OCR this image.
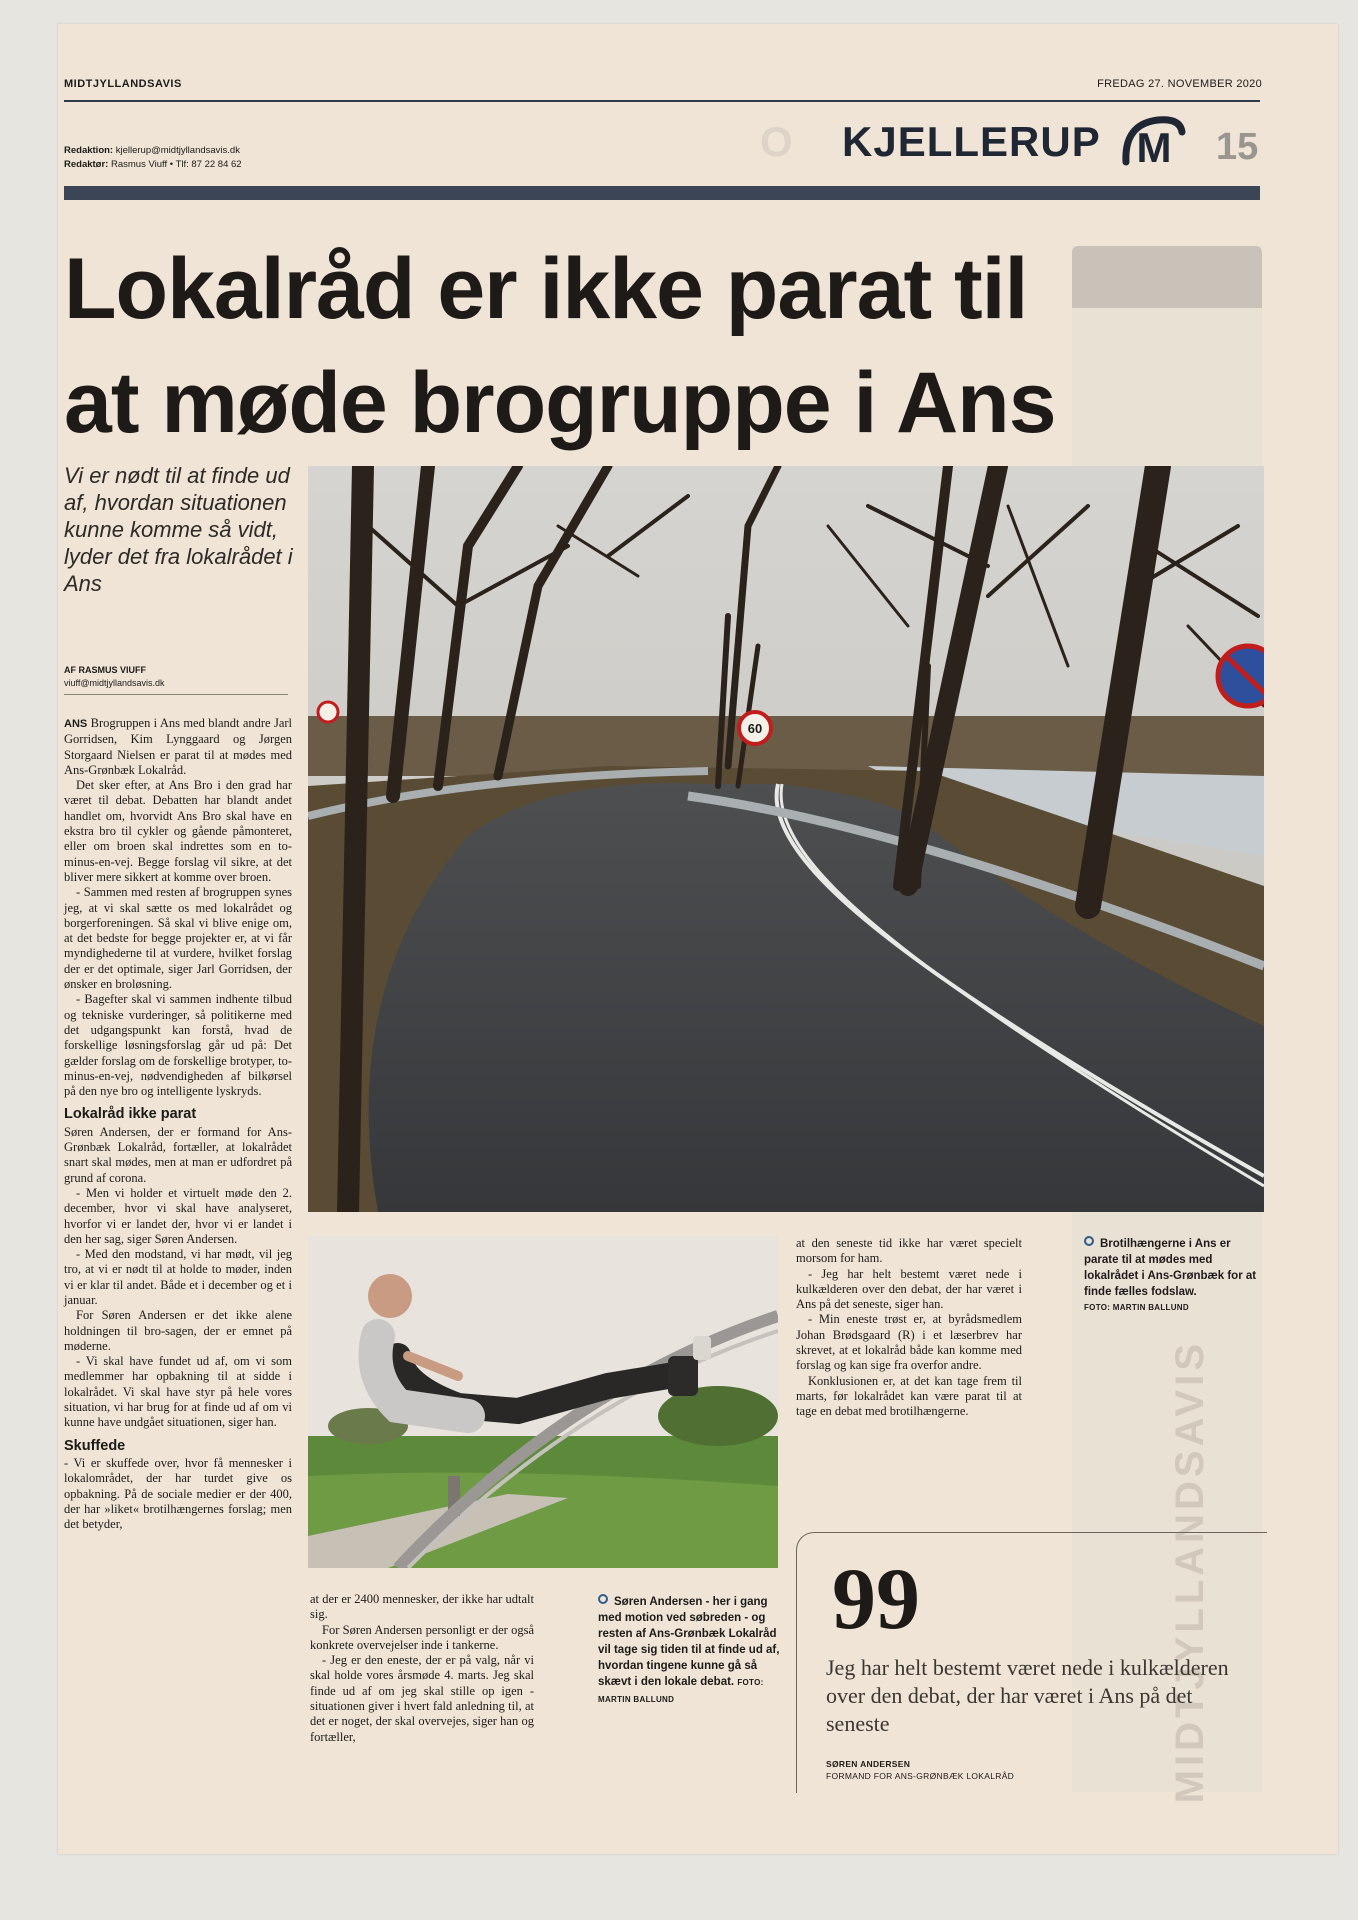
MIDTJYLLANDSAVIS
MIDTJYLLANDSAVIS	FREDAG 27. NOVEMBER 2020
Redaktion: kjellerup@midtjyllandsavis.dk
Redaktør: Rasmus Viuff • Tlf: 87 22 84 62	O KJELLERUP M 15
Lokalråd er ikke parat til at møde brogruppe i Ans
Vi er nødt til at finde ud af, hvordan situationen kunne komme så vidt, lyder det fra lokalrådet i Ans
AF RASMUS VIUFF
viuff@midtjyllandsavis.dk
60

ANS Brogruppen i Ans med blandt andre Jarl Gorridsen, Kim Lynggaard og Jørgen Storgaard Nielsen er parat til at mødes med Ans-Grønbæk Lokalråd.

Det sker efter, at Ans Bro i den grad har været til debat. Debatten har blandt andet handlet om, hvorvidt Ans Bro skal have en ekstra bro til cykler og gående påmonteret, eller om broen skal indrettes som en to-minus-en-vej. Begge forslag vil sikre, at det bliver mere sikkert at komme over broen.

- Sammen med resten af brogruppen synes jeg, at vi skal sætte os med lokalrådet og borgerforeningen. Så skal vi blive enige om, at det bedste for begge projekter er, at vi får myndighederne til at vurdere, hvilket forslag der er det optimale, siger Jarl Gorridsen, der ønsker en broløsning.

- Bagefter skal vi sammen indhente tilbud og tekniske vurderinger, så politikerne med det udgangspunkt kan forstå, hvad de forskellige løsningsforslag går ud på: Det gælder forslag om de forskellige brotyper, to-minus-en-vej, nødvendigheden af bilkørsel på den nye bro og intelligente lyskryds.

Lokalråd ikke parat

Søren Andersen, der er formand for Ans-Grønbæk Lokalråd, fortæller, at lokalrådet snart skal mødes, men at man er udfordret på grund af corona.

- Men vi holder et virtuelt møde den 2. december, hvor vi skal have analyseret, hvorfor vi er landet der, hvor vi er landet i den her sag, siger Søren Andersen.

- Med den modstand, vi har mødt, vil jeg tro, at vi er nødt til at holde to møder, inden vi er klar til andet. Både et i december og et i januar.

For Søren Andersen er det ikke alene holdningen til bro-sagen, der er emnet på møderne.

- Vi skal have fundet ud af, om vi som medlemmer har opbakning til at sidde i lokalrådet. Vi skal have styr på hele vores situation, vi har brug for at finde ud af om vi kunne have undgået situationen, siger han.

Skuffede

- Vi er skuffede over, hvor få mennesker i lokalområdet, der har turdet give os opbakning. På de sociale medier er der 400, der har »liket« brotilhængernes forslag; men det betyder,

at der er 2400 mennesker, der ikke har udtalt sig.

For Søren Andersen personligt er der også konkrete overvejelser inde i tankerne.

- Jeg er den eneste, der er på valg, når vi skal holde vores årsmøde 4. marts. Jeg skal finde ud af om jeg skal stille op igen - situationen giver i hvert fald anledning til, at det er noget, der skal overvejes, siger han og fortæller,

Søren Andersen - her i gang med motion ved søbreden - og resten af Ans-Grønbæk Lokalråd vil tage sig tiden til at finde ud af, hvordan tingene kunne gå så skævt i den lokale debat. FOTO: MARTIN BALLUND

at den seneste tid ikke har været specielt morsom for ham.

- Jeg har helt bestemt været nede i kulkælderen over den debat, der har været i Ans på det seneste, siger han.

- Min eneste trøst er, at byrådsmedlem Johan Brødsgaard (R) i et læserbrev har skrevet, at et lokalråd både kan komme med forslag og kan sige fra overfor andre.

Konklusionen er, at det kan tage frem til marts, før lokalrådet kan være parat til at tage en debat med brotilhængerne.

Brotilhængerne i Ans er parate til at mødes med lokalrådet i Ans-Grønbæk for at finde fælles fodslaw.
FOTO: MARTIN BALLUND
99
Jeg har helt bestemt været nede i kulkælderen over den debat, der har været i Ans på det seneste
SØREN ANDERSEN
FORMAND FOR ANS-GRØNBÆK LOKALRÅD
